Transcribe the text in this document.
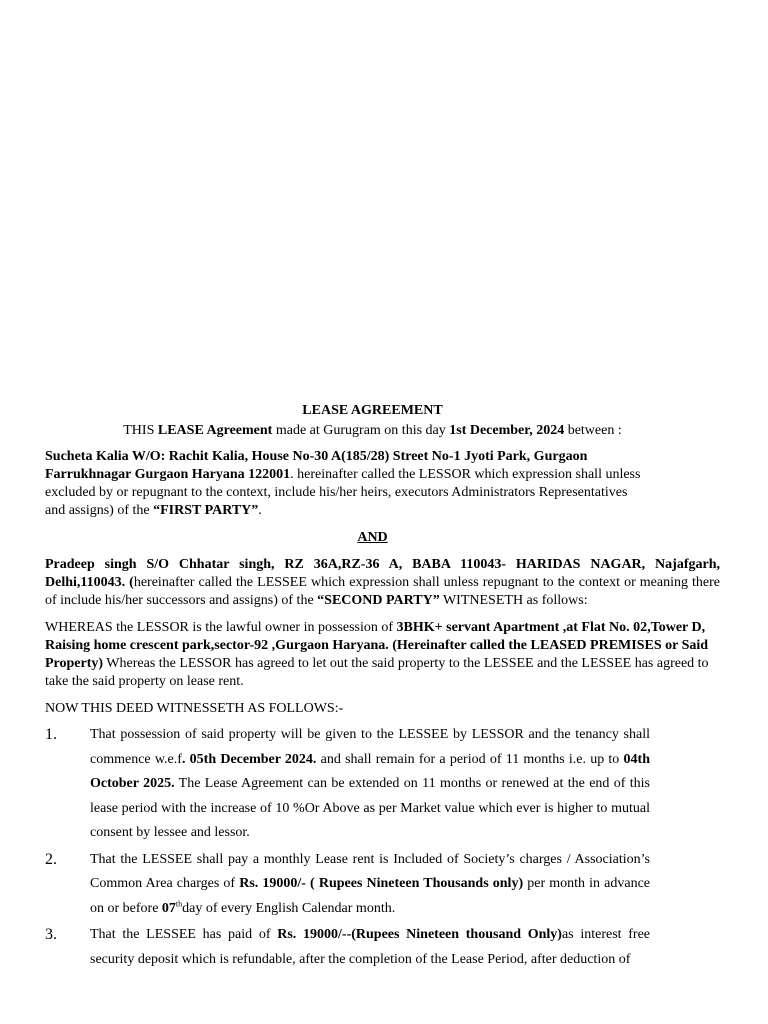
LEASE AGREEMENT
THIS LEASE Agreement made at Gurugram on this day 1st December, 2024 between :

Sucheta Kalia W/O: Rachit Kalia, House No-30 A(185/28) Street No-1 Jyoti Park, Gurgaon Farrukhnagar Gurgaon Haryana 122001. hereinafter called the LESSOR which expression shall unless excluded by or repugnant to the context, include his/her heirs, executors Administrators Representatives and assigns) of the “FIRST PARTY”.

AND

Pradeep singh S/O Chhatar singh, RZ 36A,RZ-36 A, BABA 110043- HARIDAS NAGAR, Najafgarh, Delhi,110043. (hereinafter called the LESSEE which expression shall unless repugnant to the context or meaning there of include his/her successors and assigns) of the “SECOND PARTY” WITNESETH as follows:

WHEREAS the LESSOR is the lawful owner in possession of 3BHK+ servant Apartment ,at Flat No. 02,Tower D, Raising home crescent park,sector-92 ,Gurgaon Haryana. (Hereinafter called the LEASED PREMISES or Said Property) Whereas the LESSOR has agreed to let out the said property to the LESSEE and the LESSEE has agreed to take the said property on lease rent.

NOW THIS DEED WITNESSETH AS FOLLOWS:-

1. That possession of said property will be given to the LESSEE by LESSOR and the tenancy shall commence w.e.f. 05th December 2024. and shall remain for a period of 11 months i.e. up to 04th October 2025. The Lease Agreement can be extended on 11 months or renewed at the end of this lease period with the increase of 10 %Or Above as per Market value which ever is higher to mutual consent by lessee and lessor.
2. That the LESSEE shall pay a monthly Lease rent is Included of Society’s charges / Association’s Common Area charges of Rs. 19000/- ( Rupees Nineteen Thousands only) per month in advance on or before 07thday of every English Calendar month.
3. That the LESSEE has paid of Rs. 19000/--(Rupees Nineteen thousand Only)as interest free security deposit which is refundable, after the completion of the Lease Period, after deduction of
